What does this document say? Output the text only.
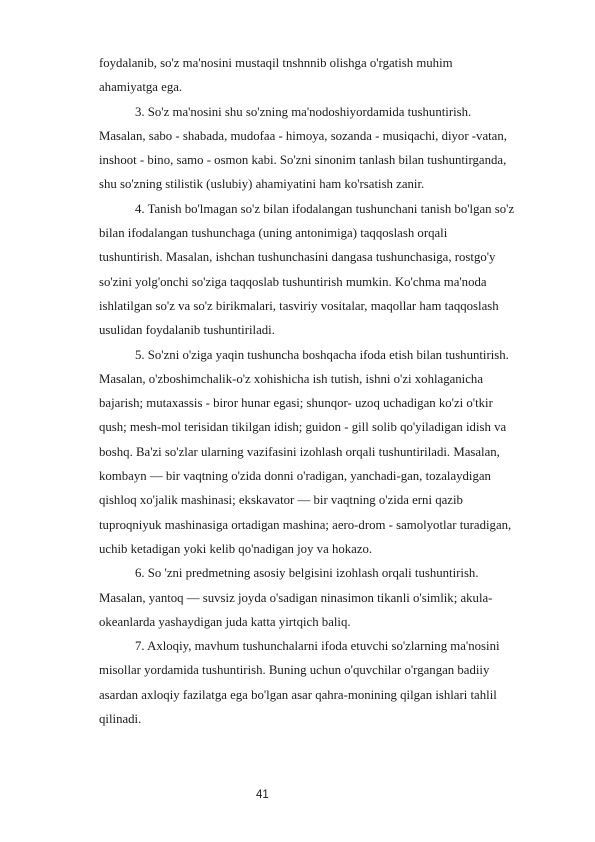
foydalanib, so'z ma'nosini mustaqil tnshnnib olishga o'rgatish muhim
ahamiyatga ega.
3. So'z ma'nosini shu so'zning ma'nodoshiyordamida tushuntirish.
Masalan, sabo - shabada, mudofaa - himoya, sozanda - musiqachi, diyor -vatan,
inshoot - bino, samo - osmon kabi. So'zni sinonim tanlash bilan tushuntirganda,
shu so'zning stilistik (uslubiy) ahamiyatini ham ko'rsatish zanir.
4. Tanish bo'lmagan so'z bilan ifodalangan tushunchani tanish bo'lgan so'z
bilan ifodalangan tushunchaga (uning antonimiga) taqqoslash orqali
tushuntirish. Masalan, ishchan tushunchasini dangasa tushunchasiga, rostgo'y
so'zini yolg'onchi so'ziga taqqoslab tushuntirish mumkin. Ko'chma ma'noda
ishlatilgan so'z va so'z birikmalari, tasviriy vositalar, maqollar ham taqqoslash
usulidan foydalanib tushuntiriladi.
5. So'zni o'ziga yaqin tushuncha boshqacha ifoda etish bilan tushuntirish.
Masalan, o'zboshimchalik-o'z xohishicha ish tutish, ishni o'zi xohlaganicha
bajarish; mutaxassis - biror hunar egasi; shunqor- uzoq uchadigan ko'zi o'tkir
qush; mesh-mol terisidan tikilgan idish; guidon - gill solib qo'yiladigan idish va
boshq. Ba'zi so'zlar ularning vazifasini izohlash orqali tushuntiriladi. Masalan,
kombayn — bir vaqtning o'zida donni o'radigan, yanchadi-gan, tozalaydigan
qishloq xo'jalik mashinasi; ekskavator — bir vaqtning o'zida erni qazib
tuproqniyuk mashinasiga ortadigan mashina; aero-drom - samolyotlar turadigan,
uchib ketadigan yoki kelib qo'nadigan joy va hokazo.
6. So 'zni predmetning asosiy belgisini izohlash orqali tushuntirish.
Masalan, yantoq — suvsiz joyda o'sadigan ninasimon tikanli o'simlik; akula-
okeanlarda yashaydigan juda katta yirtqich baliq.
7. Axloqiy, mavhum tushunchalarni ifoda etuvchi so'zlarning ma'nosini
misollar yordamida tushuntirish. Buning uchun o'quvchilar o'rgangan badiiy
asardan axloqiy fazilatga ega bo'lgan asar qahra-monining qilgan ishlari tahlil
qilinadi.
41
